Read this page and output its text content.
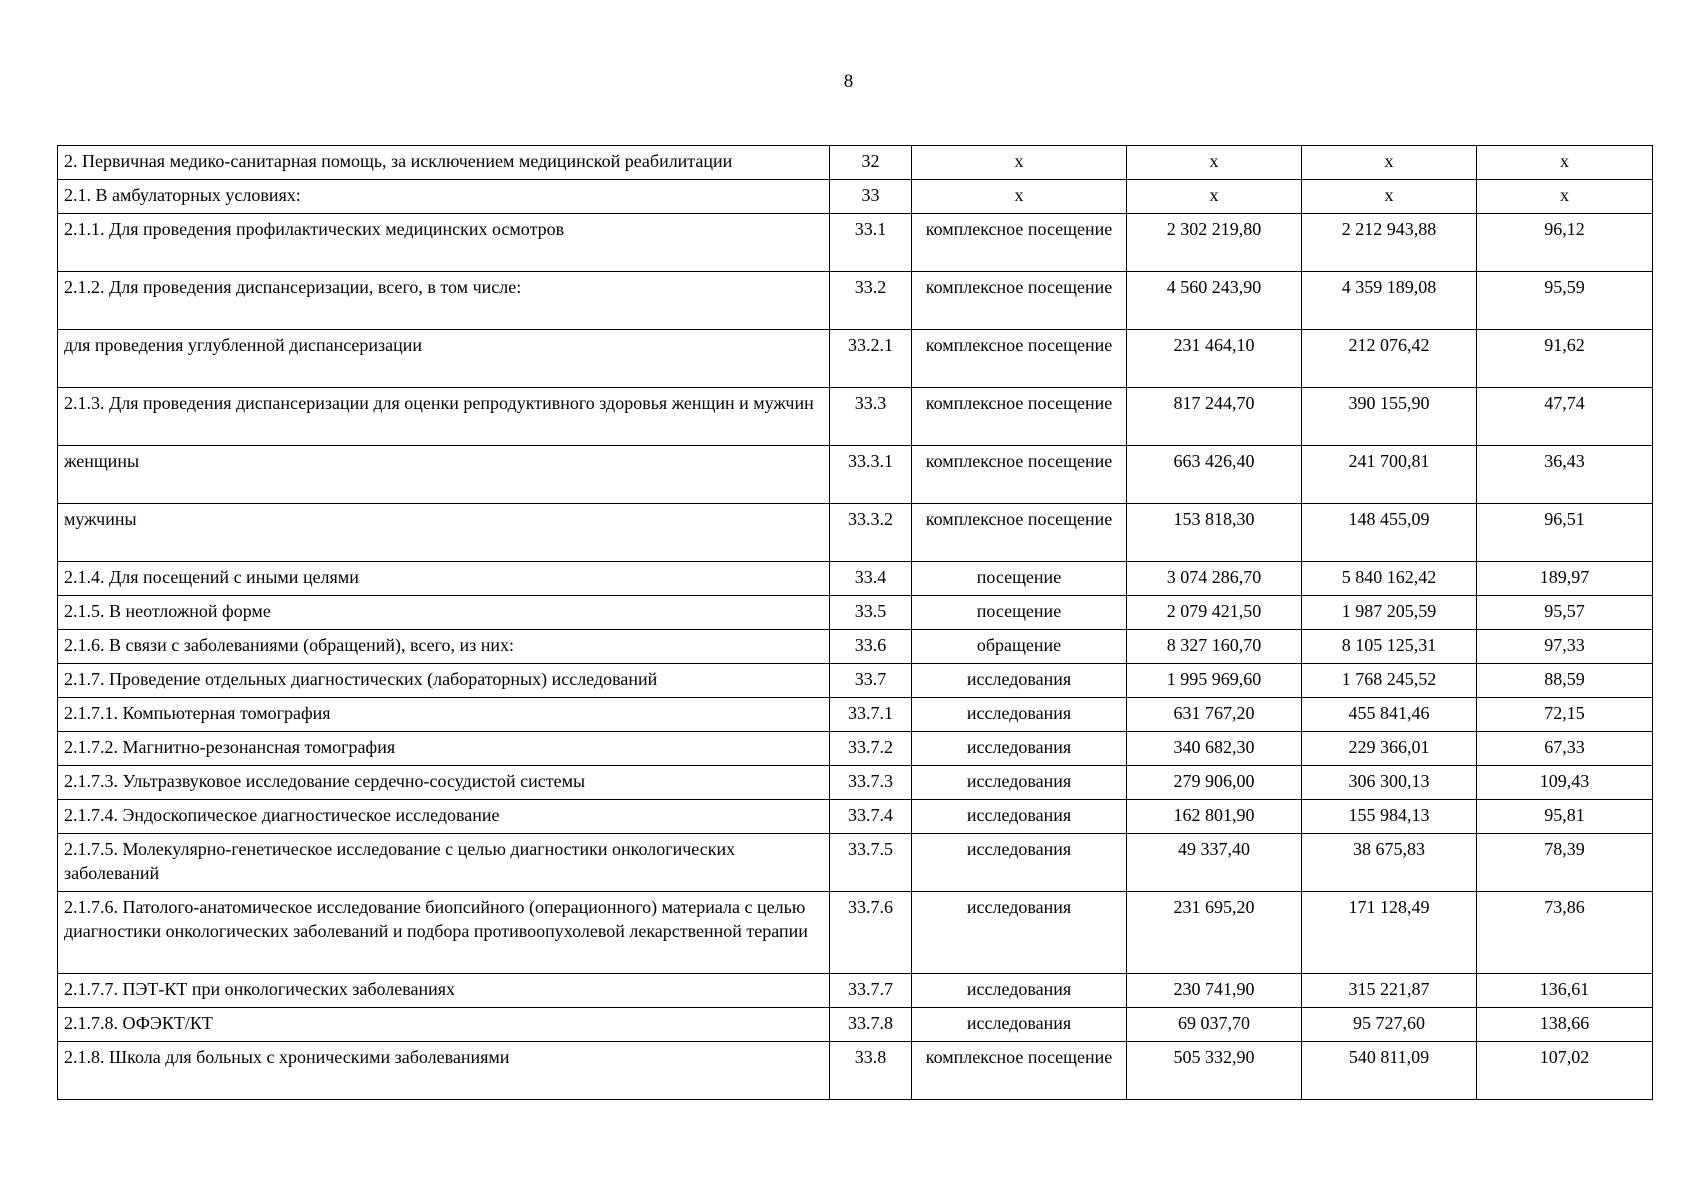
8
2. Первичная медико-санитарная помощь, за исключением медицинской реабилитации	32	х	х	х	х
2.1. В амбулаторных условиях:	33	х	х	х	х
2.1.1. Для проведения профилактических медицинских осмотров	33.1	комплексное посещение	2 302 219,80	2 212 943,88	96,12
2.1.2. Для проведения диспансеризации, всего, в том числе:	33.2	комплексное посещение	4 560 243,90	4 359 189,08	95,59
для проведения углубленной диспансеризации	33.2.1	комплексное посещение	231 464,10	212 076,42	91,62
2.1.3. Для проведения диспансеризации для оценки репродуктивного здоровья женщин и мужчин	33.3	комплексное посещение	817 244,70	390 155,90	47,74
женщины	33.3.1	комплексное посещение	663 426,40	241 700,81	36,43
мужчины	33.3.2	комплексное посещение	153 818,30	148 455,09	96,51
2.1.4. Для посещений с иными целями	33.4	посещение	3 074 286,70	5 840 162,42	189,97
2.1.5. В неотложной форме	33.5	посещение	2 079 421,50	1 987 205,59	95,57
2.1.6. В связи с заболеваниями (обращений), всего, из них:	33.6	обращение	8 327 160,70	8 105 125,31	97,33
2.1.7. Проведение отдельных диагностических (лабораторных) исследований	33.7	исследования	1 995 969,60	1 768 245,52	88,59
2.1.7.1. Компьютерная томография	33.7.1	исследования	631 767,20	455 841,46	72,15
2.1.7.2. Магнитно-резонансная томография	33.7.2	исследования	340 682,30	229 366,01	67,33
2.1.7.3. Ультразвуковое исследование сердечно-сосудистой системы	33.7.3	исследования	279 906,00	306 300,13	109,43
2.1.7.4. Эндоскопическое диагностическое исследование	33.7.4	исследования	162 801,90	155 984,13	95,81
2.1.7.5. Молекулярно-генетическое исследование с целью диагностики онкологических заболеваний	33.7.5	исследования	49 337,40	38 675,83	78,39
2.1.7.6. Патолого-анатомическое исследование биопсийного (операционного) материала с целью диагностики онкологических заболеваний и подбора противоопухолевой лекарственной терапии	33.7.6	исследования	231 695,20	171 128,49	73,86
2.1.7.7. ПЭТ-КТ при онкологических заболеваниях	33.7.7	исследования	230 741,90	315 221,87	136,61
2.1.7.8. ОФЭКТ/КТ	33.7.8	исследования	69 037,70	95 727,60	138,66
2.1.8. Школа для больных с хроническими заболеваниями	33.8	комплексное посещение	505 332,90	540 811,09	107,02
